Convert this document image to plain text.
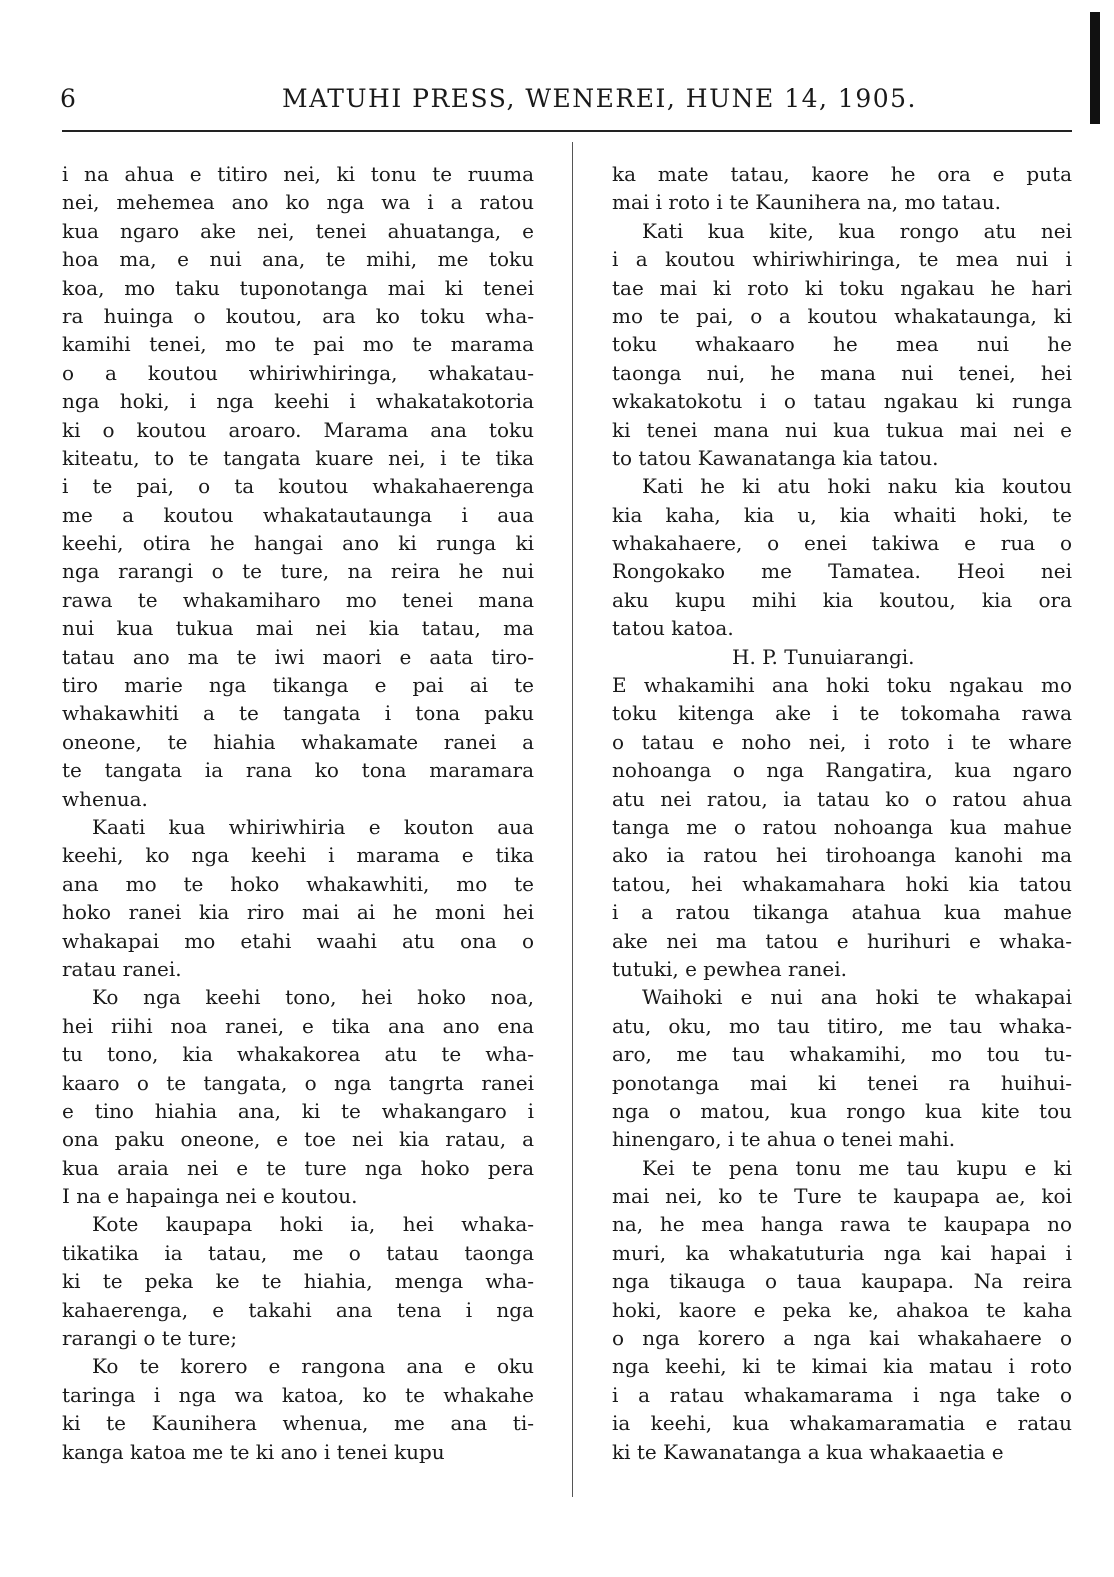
6	MATUHI PRESS, WENEREI, HUNE 14, 1905.
i na ahua e titiro nei, ki tonu te ruuma
nei, mehemea ano ko nga wa i a ratou
kua ngaro ake nei, tenei ahuatanga, e
hoa ma, e nui ana, te mihi, me toku
koa, mo taku tuponotanga mai ki tenei
ra huinga o koutou, ara ko toku wha-
kamihi tenei, mo te pai mo te marama
o a koutou whiriwhiringa, whakatau-
nga hoki, i nga keehi i whakatakotoria
ki o koutou aroaro. Marama ana toku
kiteatu, to te tangata kuare nei, i te tika
i te pai, o ta koutou whakahaerenga
me a koutou whakatautaunga i aua
keehi, otira he hangai ano ki runga ki
nga rarangi o te ture, na reira he nui
rawa te whakamiharo mo tenei mana
nui kua tukua mai nei kia tatau, ma
tatau ano ma te iwi maori e aata tiro-
tiro marie nga tikanga e pai ai te
whakawhiti a te tangata i tona paku
oneone, te hiahia whakamate ranei a
te tangata ia rana ko tona maramara
whenua.
Kaati kua whiriwhiria e kouton aua
keehi, ko nga keehi i marama e tika
ana mo te hoko whakawhiti, mo te
hoko ranei kia riro mai ai he moni hei
whakapai mo etahi waahi atu ona o
ratau ranei.
Ko nga keehi tono, hei hoko noa,
hei riihi noa ranei, e tika ana ano ena
tu tono, kia whakakorea atu te wha-
kaaro o te tangata, o nga tangrta ranei
e tino hiahia ana, ki te whakangaro i
ona paku oneone, e toe nei kia ratau, a
kua araia nei e te ture nga hoko pera
I na e hapainga nei e koutou.
Kote kaupapa hoki ia, hei whaka-
tikatika ia tatau, me o tatau taonga
ki te peka ke te hiahia, menga wha-
kahaerenga, e takahi ana tena i nga
rarangi o te ture;
Ko te korero e rangona ana e oku
taringa i nga wa katoa, ko te whakahe
ki te Kaunihera whenua, me ana ti-
kanga katoa me te ki ano i tenei kupu
ka mate tatau, kaore he ora e puta
mai i roto i te Kaunihera na, mo tatau.
Kati kua kite, kua rongo atu nei
i a koutou whiriwhiringa, te mea nui i
tae mai ki roto ki toku ngakau he hari
mo te pai, o a koutou whakataunga, ki
toku whakaaro he mea nui he
taonga nui, he mana nui tenei, hei
wkakatokotu i o tatau ngakau ki runga
ki tenei mana nui kua tukua mai nei e
to tatou Kawanatanga kia tatou.
Kati he ki atu hoki naku kia koutou
kia kaha, kia u, kia whaiti hoki, te
whakahaere, o enei takiwa e rua o
Rongokako me Tamatea. Heoi nei
aku kupu mihi kia koutou, kia ora
tatou katoa.
H. P. Tunuiarangi.
E whakamihi ana hoki toku ngakau mo
toku kitenga ake i te tokomaha rawa
o tatau e noho nei, i roto i te whare
nohoanga o nga Rangatira, kua ngaro
atu nei ratou, ia tatau ko o ratou ahua
tanga me o ratou nohoanga kua mahue
ako ia ratou hei tirohoanga kanohi ma
tatou, hei whakamahara hoki kia tatou
i a ratou tikanga atahua kua mahue
ake nei ma tatou e hurihuri e whaka-
tutuki, e pewhea ranei.
Waihoki e nui ana hoki te whakapai
atu, oku, mo tau titiro, me tau whaka-
aro, me tau whakamihi, mo tou tu-
ponotanga mai ki tenei ra huihui-
nga o matou, kua rongo kua kite tou
hinengaro, i te ahua o tenei mahi.
Kei te pena tonu me tau kupu e ki
mai nei, ko te Ture te kaupapa ae, koi
na, he mea hanga rawa te kaupapa no
muri, ka whakatuturia nga kai hapai i
nga tikauga o taua kaupapa. Na reira
hoki, kaore e peka ke, ahakoa te kaha
o nga korero a nga kai whakahaere o
nga keehi, ki te kimai kia matau i roto
i a ratau whakamarama i nga take o
ia keehi, kua whakamaramatia e ratau
ki te Kawanatanga a kua whakaaetia e
